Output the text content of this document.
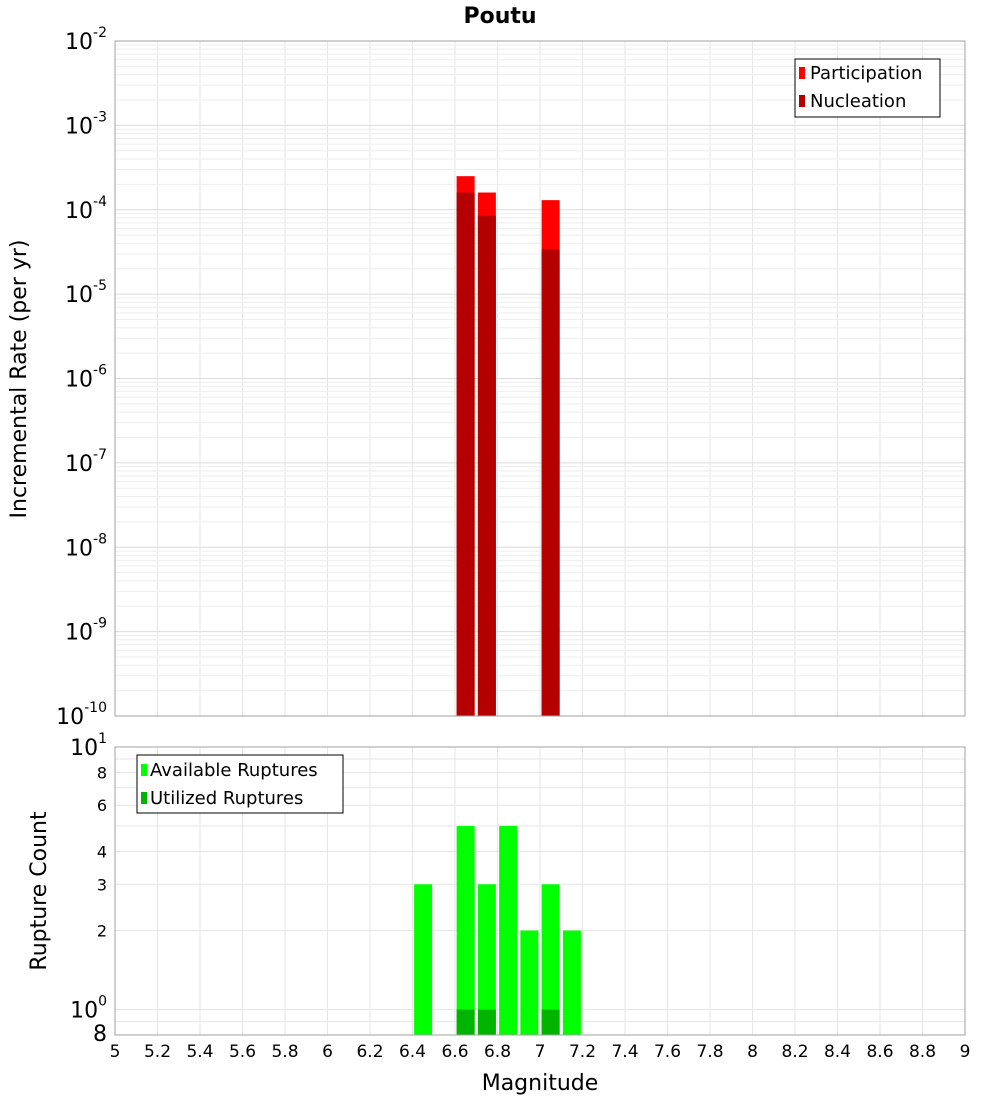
10-2
10-3
10-4
10-5
10-6
10-7
10-8
10-9
10-10
Participation
Nucleation
101
8
6
4
3
2
100
8
5 5.2 5.4 5.6 5.8 6 6.2 6.4 6.6 6.8 7 7.2 7.4 7.6 7.8 8 8.2 8.4 8.6 8.8 9
Available Ruptures
Utilized Ruptures
Poutu
Incremental Rate (per yr)
Rupture Count
Magnitude
